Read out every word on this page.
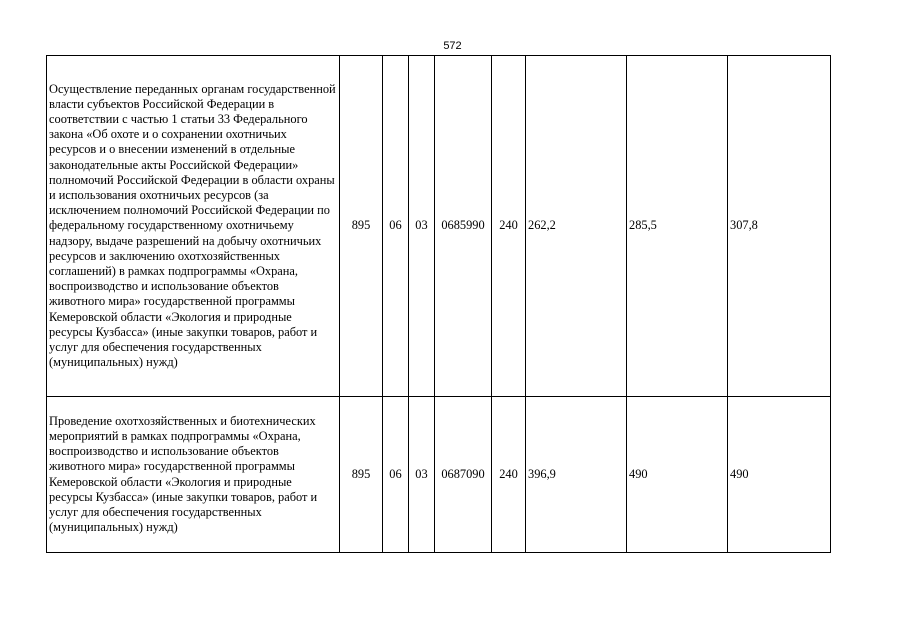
572
Осуществление переданных органам государственной власти субъектов Российской Федерации в соответствии с частью 1 статьи 33 Федерального закона «Об охоте и о сохранении охотничьих ресурсов и о внесении изменений в отдельные законодательные акты Российской Федерации» полномочий Российской Федерации в области охраны и использования охотничьих ресурсов (за исключением полномочий Российской Федерации по федеральному государственному охотничьему надзору, выдаче разрешений на добычу охотничьих ресурсов и заключению охотхозяйственных соглашений) в рамках подпрограммы «Охрана, воспроизводство и использование объектов животного мира» государственной программы Кемеровской области «Экология и природные ресурсы Кузбасса» (иные закупки товаров, работ и услуг для обеспечения государственных (муниципальных) нужд)	895	06	03	0685990	240	262,2	285,5	307,8
Проведение охотхозяйственных и биотехнических мероприятий в рамках подпрограммы «Охрана, воспроизводство и использование объектов животного мира» государственной программы Кемеровской области «Экология и природные ресурсы Кузбасса» (иные закупки товаров, работ и услуг для обеспечения государственных (муниципальных) нужд)	895	06	03	0687090	240	396,9	490	490
